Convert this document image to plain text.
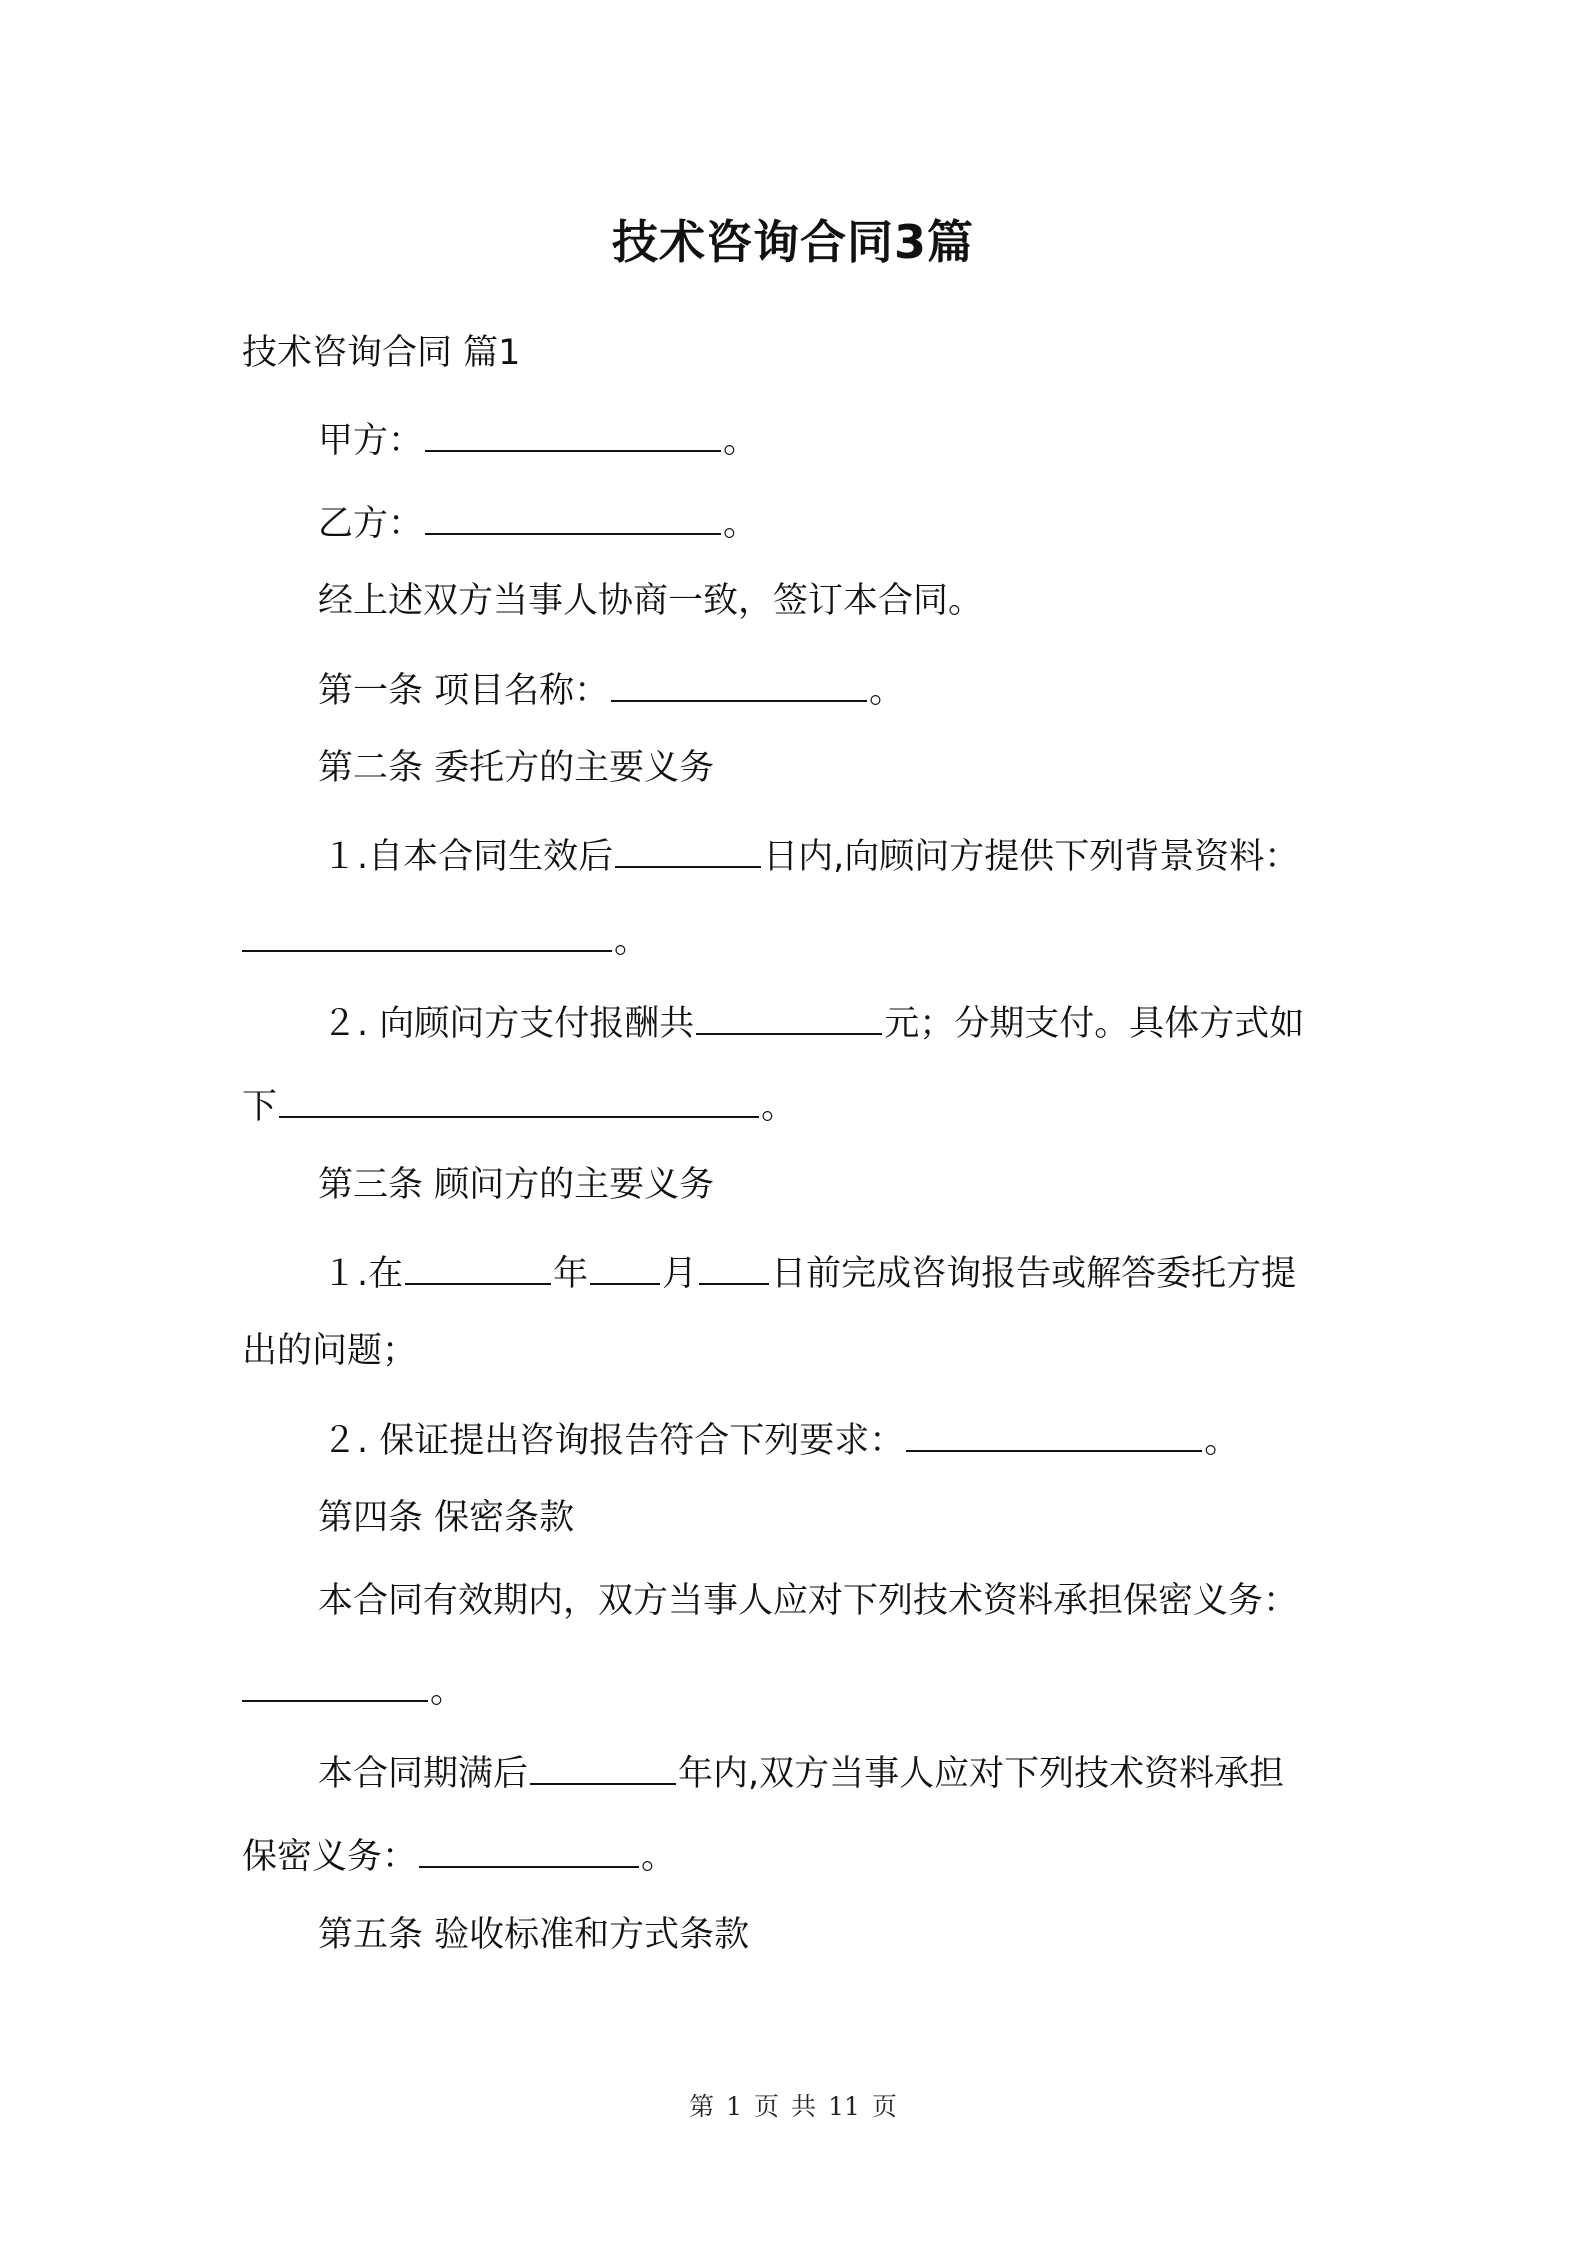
技术咨询合同3篇
技术咨询合同 篇1
甲方：	。
乙方：	。
经上述双方当事人协商一致，签订本合同。
第一条 项目名称：	。
第二条 委托方的主要义务
１.自本合同生效后	日内,向顾问方提供下列背景资料：
。
２. 向顾问方支付报酬共	元；分期支付。具体方式如
下	。
第三条 顾问方的主要义务
１.在	年 月 日前完成咨询报告或解答委托方提
出的问题；
２. 保证提出咨询报告符合下列要求：	。
第四条 保密条款
本合同有效期内，双方当事人应对下列技术资料承担保密义务：
。
本合同期满后	年内,双方当事人应对下列技术资料承担
保密义务：	。
第五条 验收标准和方式条款
第 1 页 共 11 页
